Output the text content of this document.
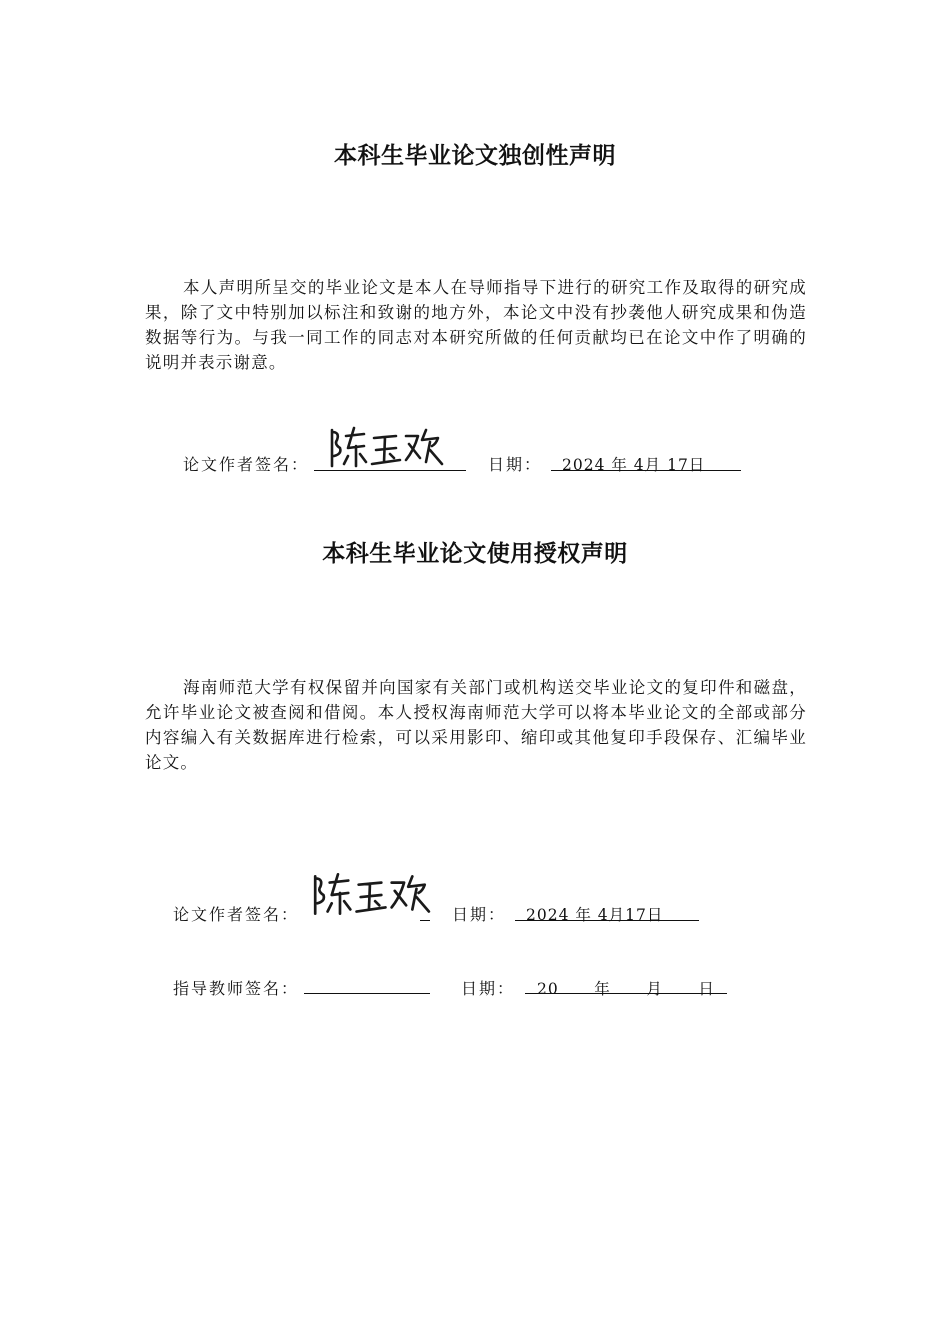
本科生毕业论文独创性声明
本人声明所呈交的毕业论文是本人在导师指导下进行的研究工作及取得的研究成果，除了文中特别加以标注和致谢的地方外，本论文中没有抄袭他人研究成果和伪造数据等行为。与我一同工作的同志对本研究所做的任何贡献均已在论文中作了明确的说明并表示谢意。
论文作者签名：	日期： 2024 年 4月 17日
本科生毕业论文使用授权声明
海南师范大学有权保留并向国家有关部门或机构送交毕业论文的复印件和磁盘，允许毕业论文被查阅和借阅。本人授权海南师范大学可以将本毕业论文的全部或部分内容编入有关数据库进行检索，可以采用影印、缩印或其他复印手段保存、汇编毕业论文。
论文作者签名：	日期： 2024 年 4月17日
指导教师签名：	日期： 20      年      月      日
